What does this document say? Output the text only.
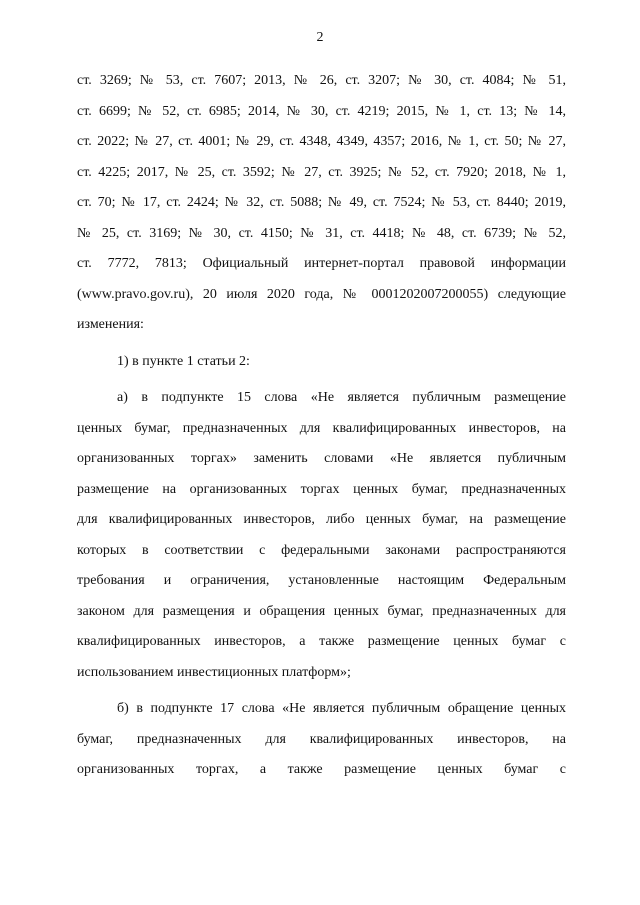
2
ст. 3269; № 53, ст. 7607; 2013, № 26, ст. 3207; № 30, ст. 4084; № 51,
ст. 6699; № 52, ст. 6985; 2014, № 30, ст. 4219; 2015, № 1, ст. 13; № 14,
ст. 2022; № 27, ст. 4001; № 29, ст. 4348, 4349, 4357; 2016, № 1, ст. 50; № 27,
ст. 4225; 2017, № 25, ст. 3592; № 27, ст. 3925; № 52, ст. 7920; 2018, № 1,
ст. 70; № 17, ст. 2424; № 32, ст. 5088; № 49, ст. 7524; № 53, ст. 8440; 2019,
№ 25, ст. 3169; № 30, ст. 4150; № 31, ст. 4418; № 48, ст. 6739; № 52,
ст. 7772, 7813; Официальный интернет-портал правовой информации
(www.pravo.gov.ru), 20 июля 2020 года, № 0001202007200055) следующие
изменения:
1) в пункте 1 статьи 2:
а) в подпункте 15 слова «Не является публичным размещение
ценных бумаг, предназначенных для квалифицированных инвесторов, на
организованных торгах» заменить словами «Не является публичным
размещение на организованных торгах ценных бумаг, предназначенных
для квалифицированных инвесторов, либо ценных бумаг, на размещение
которых в соответствии с федеральными законами распространяются
требования и ограничения, установленные настоящим Федеральным
законом для размещения и обращения ценных бумаг, предназначенных для
квалифицированных инвесторов, а также размещение ценных бумаг с
использованием инвестиционных платформ»;
б) в подпункте 17 слова «Не является публичным обращение ценных
бумаг, предназначенных для квалифицированных инвесторов, на
организованных торгах, а также размещение ценных бумаг с
